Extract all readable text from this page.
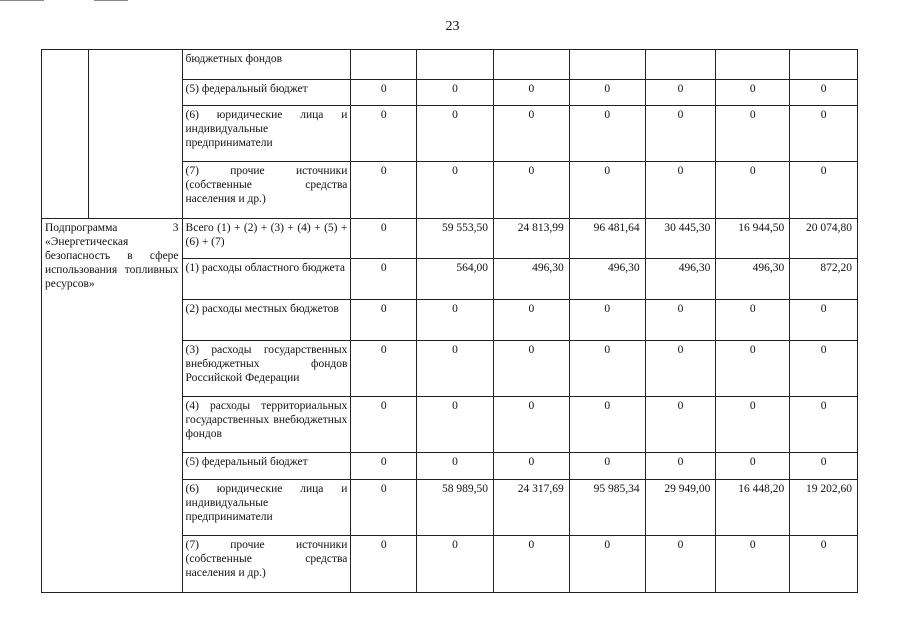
23
		бюджетных фондов							
		(5) федеральный бюджет	0	0	0	0	0	0	0
		(6) юридические лица и индивидуальные предприниматели	0	0	0	0	0	0	0
		(7) прочие источники (собственные средства населения и др.)	0	0	0	0	0	0	0
Подпрограмма 3 «Энергетическая безопасность в сфере использования топливных ресурсов»		Всего (1) + (2) + (3) + (4) + (5) + (6) + (7)	0	59 553,50	24 813,99	96 481,64	30 445,30	16 944,50	20 074,80
		(1) расходы областного бюджета	0	564,00	496,30	496,30	496,30	496,30	872,20
		(2) расходы местных бюджетов	0	0	0	0	0	0	0
		(3) расходы государственных внебюджетных фондов Российской Федерации	0	0	0	0	0	0	0
		(4) расходы территориальных государственных внебюджетных фондов	0	0	0	0	0	0	0
		(5) федеральный бюджет	0	0	0	0	0	0	0
		(6) юридические лица и индивидуальные предприниматели	0	58 989,50	24 317,69	95 985,34	29 949,00	16 448,20	19 202,60
		(7) прочие источники (собственные средства населения и др.)	0	0	0	0	0	0	0
